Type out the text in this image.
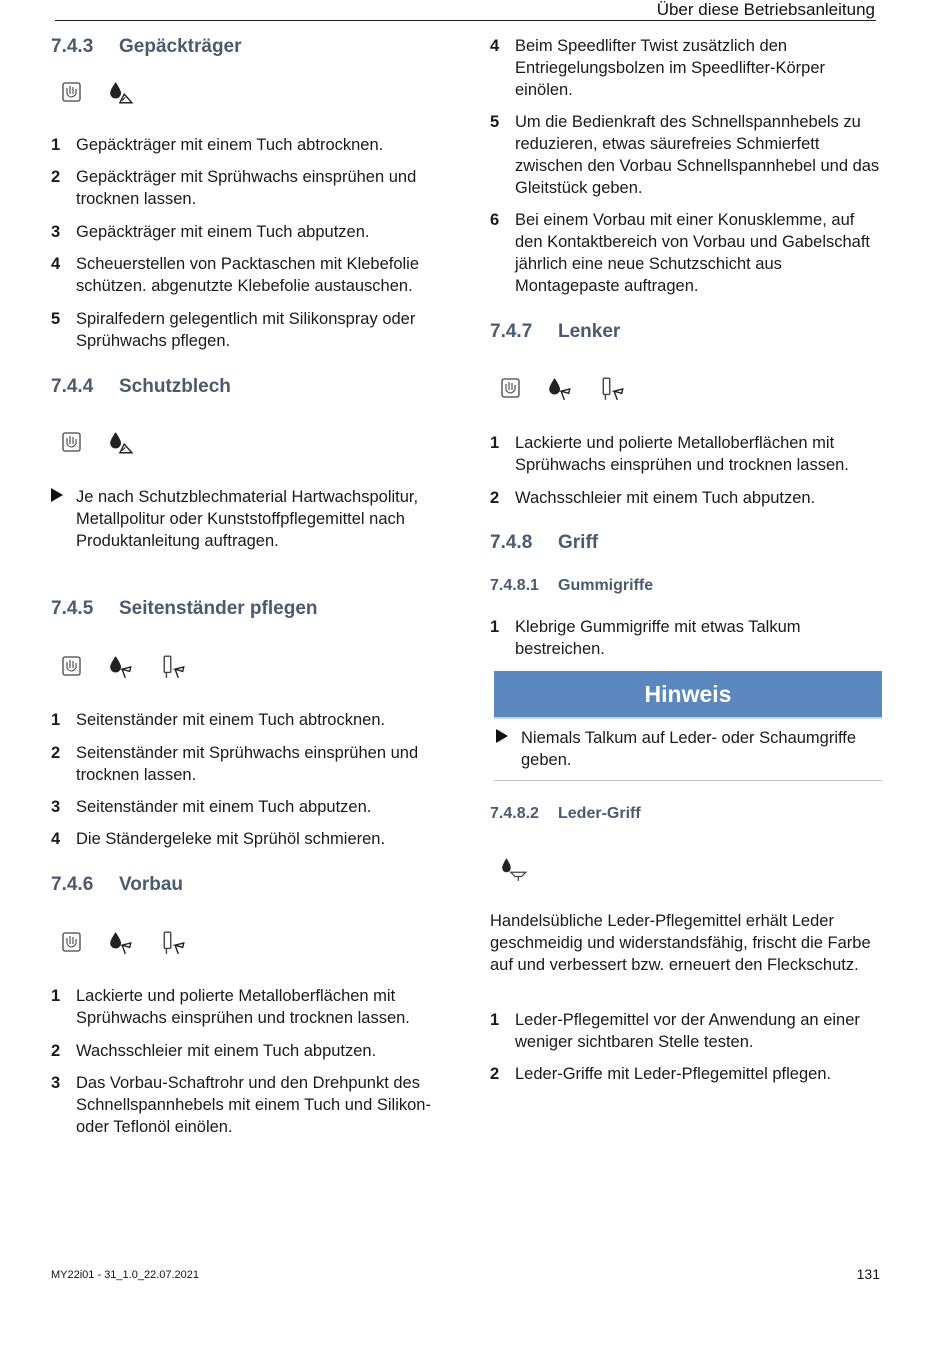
Über diese Betriebsanleitung
7.4.3 Gepäckträger
1 Gepäckträger mit einem Tuch abtrocknen.
2 Gepäckträger mit Sprühwachs einsprühen und trocknen lassen.
3 Gepäckträger mit einem Tuch abputzen.
4 Scheuerstellen von Packtaschen mit Klebefolie schützen. abgenutzte Klebefolie austauschen.
5 Spiralfedern gelegentlich mit Silikonspray oder Sprühwachs pflegen.
7.4.4 Schutzblech
Je nach Schutzblechmaterial Hartwachspolitur, Metallpolitur oder Kunststoffpflegemittel nach Produktanleitung auftragen.
7.4.5 Seitenständer pflegen
1 Seitenständer mit einem Tuch abtrocknen.
2 Seitenständer mit Sprühwachs einsprühen und trocknen lassen.
3 Seitenständer mit einem Tuch abputzen.
4 Die Ständergeleke mit Sprühöl schmieren.
7.4.6 Vorbau
1 Lackierte und polierte Metalloberflächen mit Sprühwachs einsprühen und trocknen lassen.
2 Wachsschleier mit einem Tuch abputzen.
3 Das Vorbau-Schaftrohr und den Drehpunkt des Schnellspannhebels mit einem Tuch und Silikon- oder Teflonöl einölen.
4 Beim Speedlifter Twist zusätzlich den Entriegelungsbolzen im Speedlifter-Körper einölen.
5 Um die Bedienkraft des Schnellspannhebels zu reduzieren, etwas säurefreies Schmierfett zwischen den Vorbau Schnellspannhebel und das Gleitstück geben.
6 Bei einem Vorbau mit einer Konusklemme, auf den Kontaktbereich von Vorbau und Gabelschaft jährlich eine neue Schutzschicht aus Montagepaste auftragen.
7.4.7 Lenker
1 Lackierte und polierte Metalloberflächen mit Sprühwachs einsprühen und trocknen lassen.
2 Wachsschleier mit einem Tuch abputzen.
7.4.8 Griff
7.4.8.1 Gummigriffe
1 Klebrige Gummigriffe mit etwas Talkum bestreichen.
Hinweis
Niemals Talkum auf Leder- oder Schaumgriffe geben.
7.4.8.2 Leder-Griff
Handelsübliche Leder-Pflegemittel erhält Leder geschmeidig und widerstandsfähig, frischt die Farbe auf und verbessert bzw. erneuert den Fleckschutz.
1 Leder-Pflegemittel vor der Anwendung an einer weniger sichtbaren Stelle testen.
2 Leder-Griffe mit Leder-Pflegemittel pflegen.
MY22i01 - 31_1.0_22.07.2021	131
